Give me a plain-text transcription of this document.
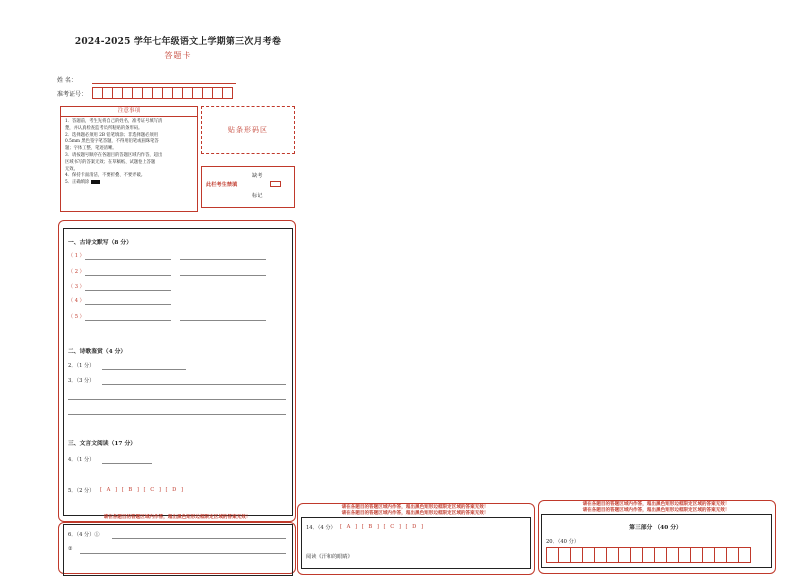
2024-2025 学年七年级语文上学期第三次月考卷
答题卡
姓 名：
准考证号：
注意事项
1．答题前，考生先将自己的姓名，准考证号填写清
楚，并认真检查监考员所粘贴的条形码。
2．选择题必须用 2B 铅笔填涂；非选择题必须用
0.5mm 黑色签字笔答题，不得用铅笔或圆珠笔答
题；字体工整、笔迹清晰。
3．请按题号顺序在各题目的答题区域内作答，超出
区域书写的答案无效；在草稿纸、试题卷上答题
无效。
4．保持卡面清洁，不要折叠、不要弄破。
5．正确填涂
贴条形码区
缺考
此栏考生禁填
标记
一、古诗文默写（8 分）
（1）
（2）
（3）
（4）
（5）
二、诗歌鉴赏（4 分）
2．（1 分）
3．（3 分）
三、文言文阅读（17 分）
4．（1 分）
5．（2 分） [ A ] [ B ] [ C ] [ D ]
请在各题目的答题区域内作答，超出黑色矩形边框限定区域的答案无效！
6．（4 分）①
②
请在各题目的答题区域内作答，超出黑色矩形边框限定区域的答案无效！
请在各题目的答题区域内作答，超出黑色矩形边框限定区域的答案无效！
14．（4 分） [ A ] [ B ] [ C ] [ D ]
阅读《汗和的眼睛》
请在各题目的答题区域内作答，超出黑色矩形边框限定区域的答案无效！
请在各题目的答题区域内作答，超出黑色矩形边框限定区域的答案无效！
第三部分 （40 分）
20．（40 分）
